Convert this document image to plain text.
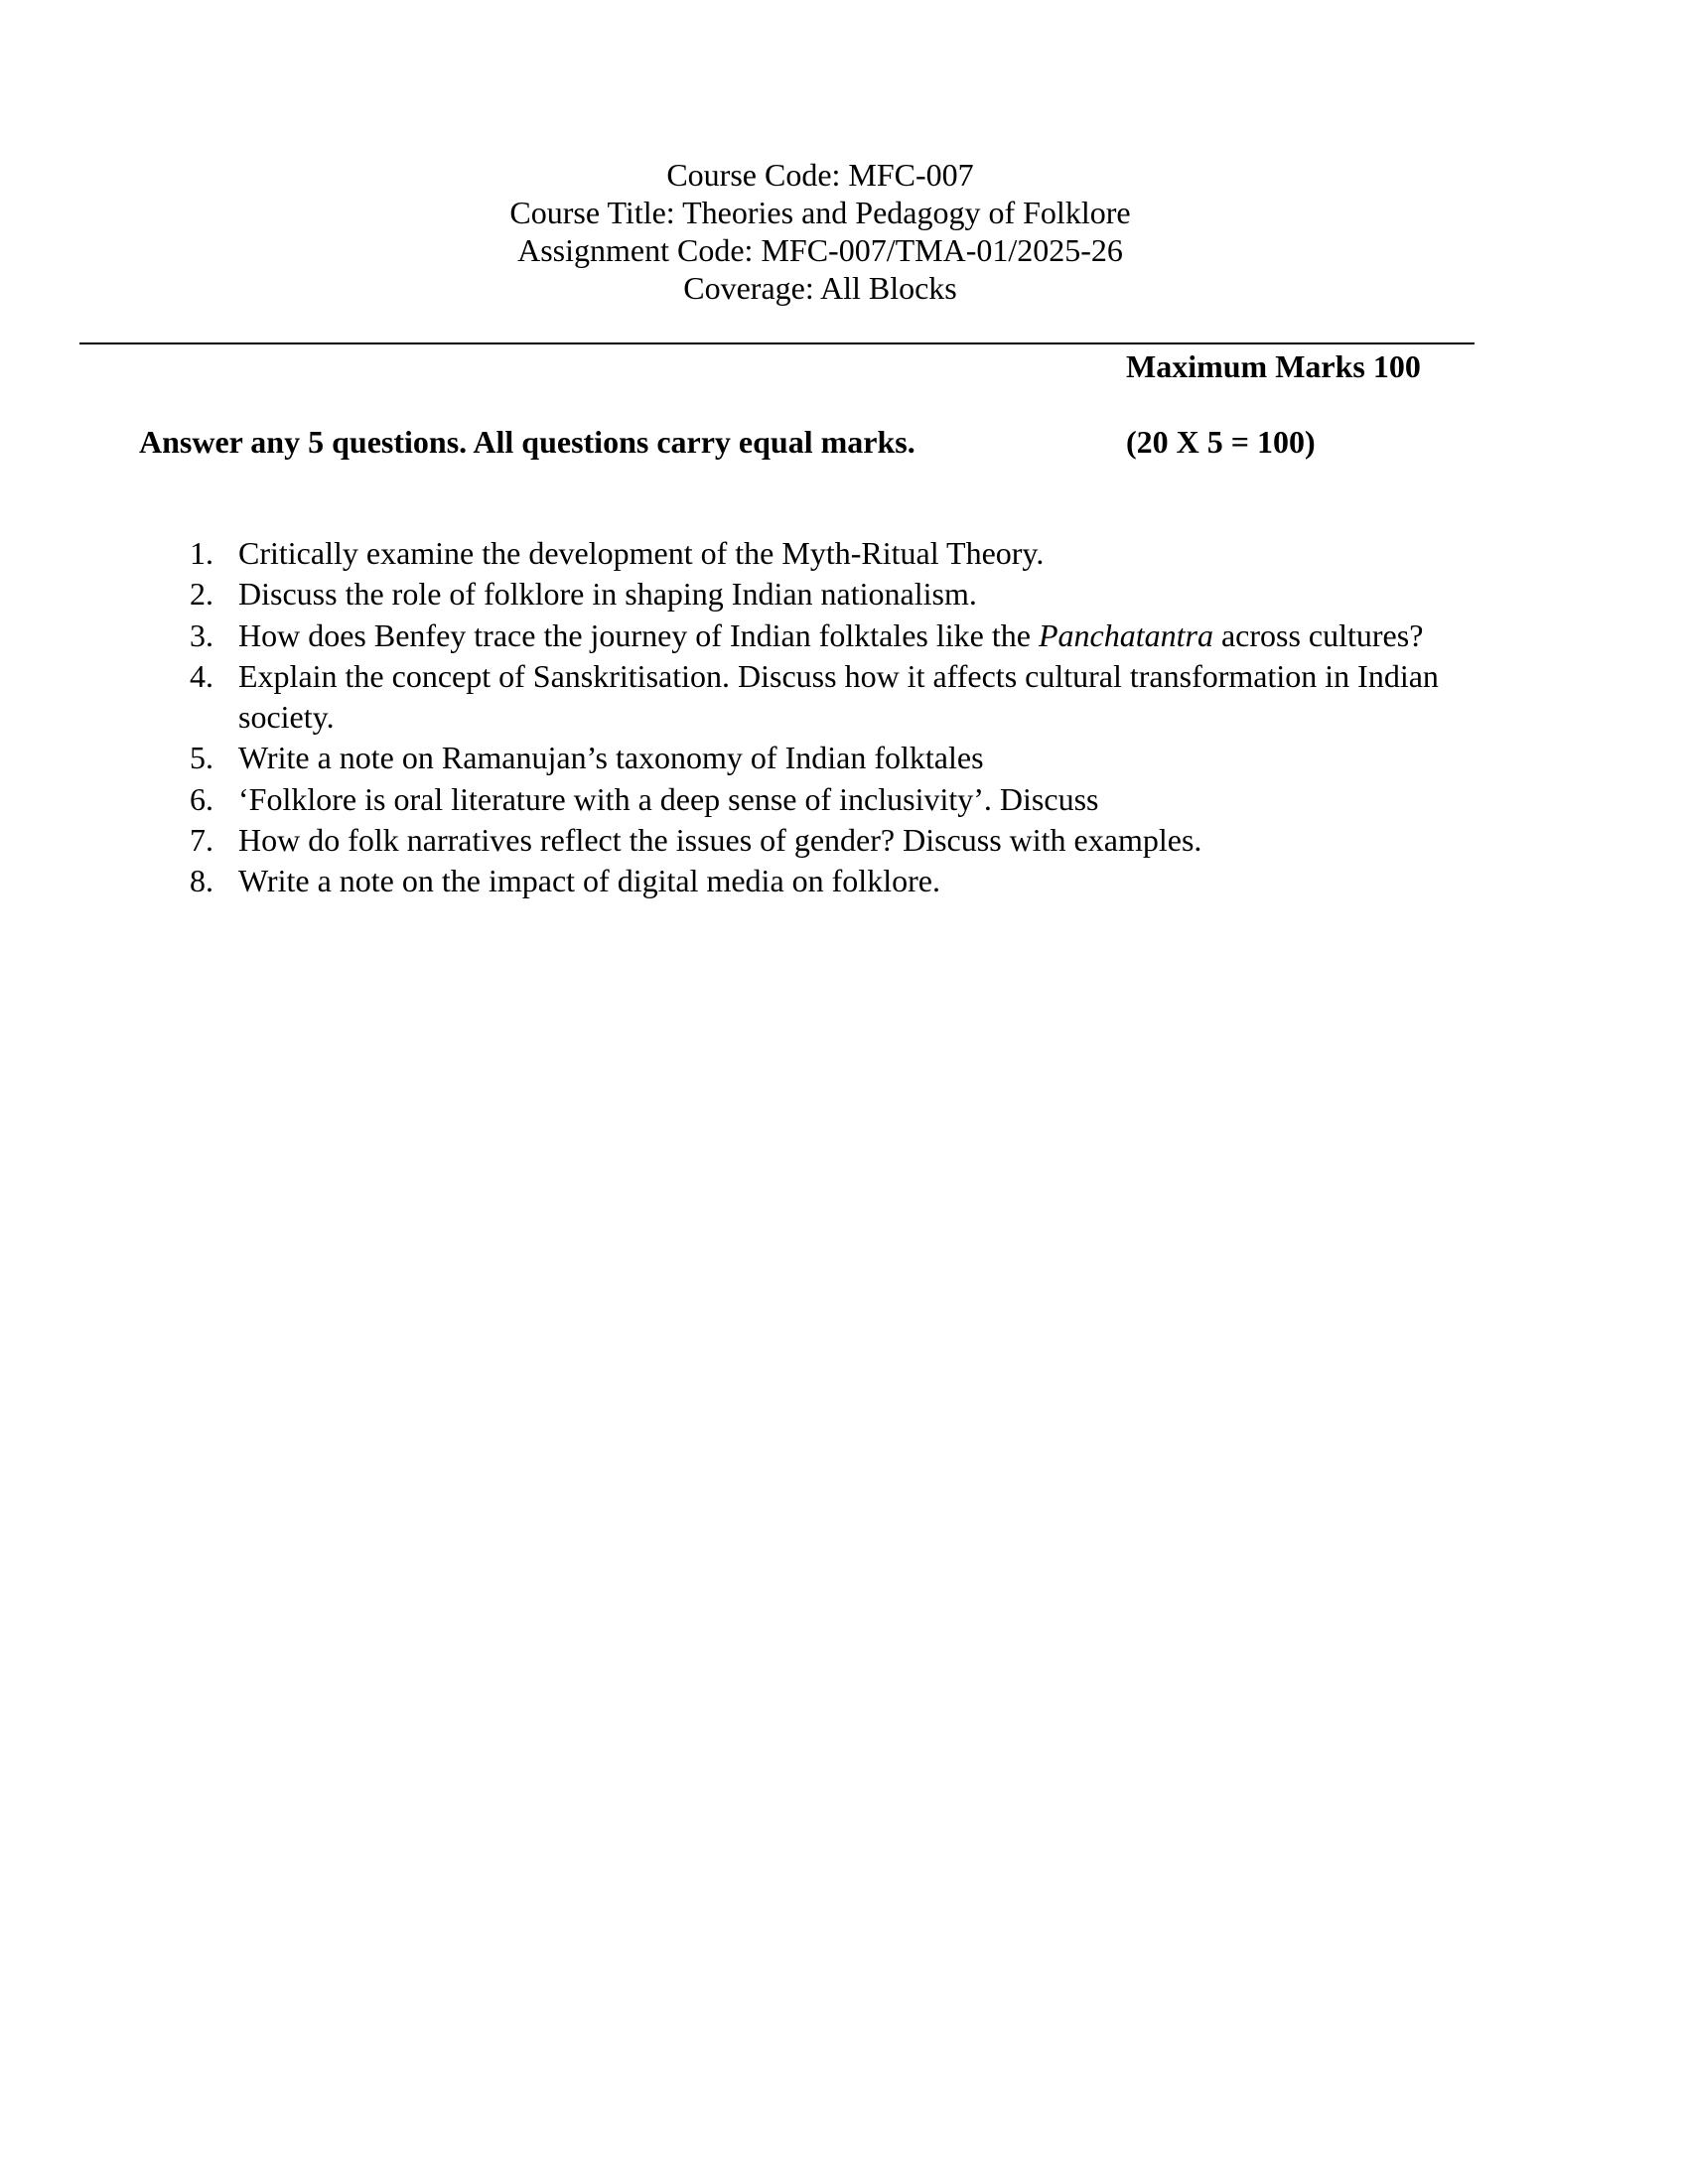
Course Code: MFC-007
Course Title: Theories and Pedagogy of Folklore
Assignment Code: MFC-007/TMA-01/2025-26
Coverage: All Blocks
Maximum Marks 100
Answer any 5 questions. All questions carry equal marks.	(20 X 5 = 100)
1. Critically examine the development of the Myth-Ritual Theory.
2. Discuss the role of folklore in shaping Indian nationalism.
3. How does Benfey trace the journey of Indian folktales like the Panchatantra across cultures?
4. Explain the concept of Sanskritisation. Discuss how it affects cultural transformation in Indian society.
5. Write a note on Ramanujan’s taxonomy of Indian folktales
6. ‘Folklore is oral literature with a deep sense of inclusivity’. Discuss
7. How do folk narratives reflect the issues of gender? Discuss with examples.
8. Write a note on the impact of digital media on folklore.
